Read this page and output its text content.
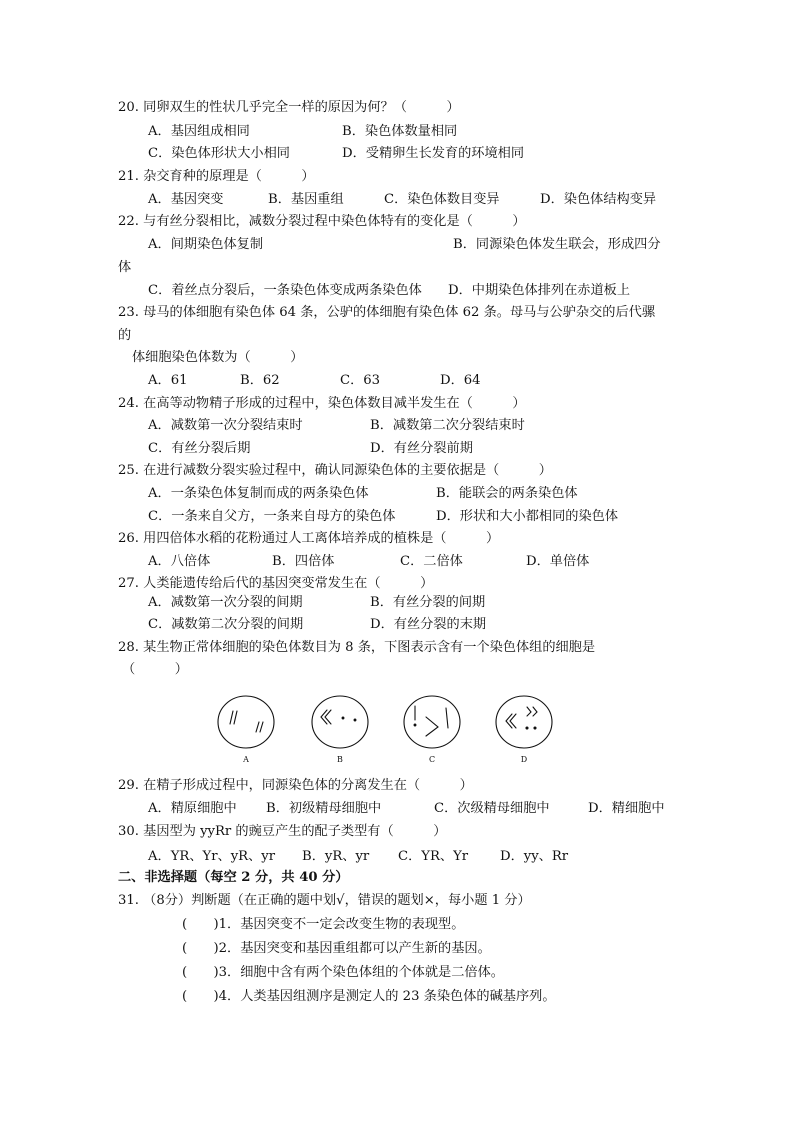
20. 同卵双生的性状几乎完全一样的原因为何？（　　　）
A．基因组成相同	B．染色体数量相同
C．染色体形状大小相同	D．受精卵生长发育的环境相同
21. 杂交育种的原理是（　　　）
A．基因突变	B．基因重组	C．染色体数目变异	D．染色体结构变异
22. 与有丝分裂相比，减数分裂过程中染色体特有的变化是（　　　）
A．间期染色体复制	B．同源染色体发生联会，形成四分
体
C．着丝点分裂后，一条染色体变成两条染色体 D．中期染色体排列在赤道板上
23. 母马的体细胞有染色体 64 条，公驴的体细胞有染色体 62 条。母马与公驴杂交的后代骡
的
体细胞染色体数为（　　　）
A．61	B．62	C．63	D．64
24. 在高等动物精子形成的过程中，染色体数目减半发生在（　　　）
A．减数第一次分裂结束时	B．减数第二次分裂结束时
C．有丝分裂后期	D．有丝分裂前期
25. 在进行减数分裂实验过程中，确认同源染色体的主要依据是（　　　）
A．一条染色体复制而成的两条染色体	B．能联会的两条染色体
C．一条来自父方，一条来自母方的染色体	D．形状和大小都相同的染色体
26. 用四倍体水稻的花粉通过人工离体培养成的植株是（　　　）
A．八倍体	B．四倍体	C．二倍体	D．单倍体
27. 人类能遗传给后代的基因突变常发生在（　　　）
A．减数第一次分裂的间期	B．有丝分裂的间期
C．减数第二次分裂的间期	D．有丝分裂的末期
28. 某生物正常体细胞的染色体数目为 8 条，下图表示含有一个染色体组的细胞是
（　　　）
A	B	C	D
29. 在精子形成过程中，同源染色体的分离发生在（　　　）
A．精原细胞中 B．初级精母细胞中	C．次级精母细胞中	D．精细胞中
30. 基因型为 yyRr 的豌豆产生的配子类型有（　　　）
A．YR、Yr、yR、yr B．yR、yr C．YR、Yr D．yy、Rr
二、非选择题（每空 2 分，共 40 分）
31. （8分）判断题（在正确的题中划√，错误的题划×，每小题 1 分）
(　　)1．基因突变不一定会改变生物的表现型。
(　　)2．基因突变和基因重组都可以产生新的基因。
(　　)3．细胞中含有两个染色体组的个体就是二倍体。
(　　)4．人类基因组测序是测定人的 23 条染色体的碱基序列。
